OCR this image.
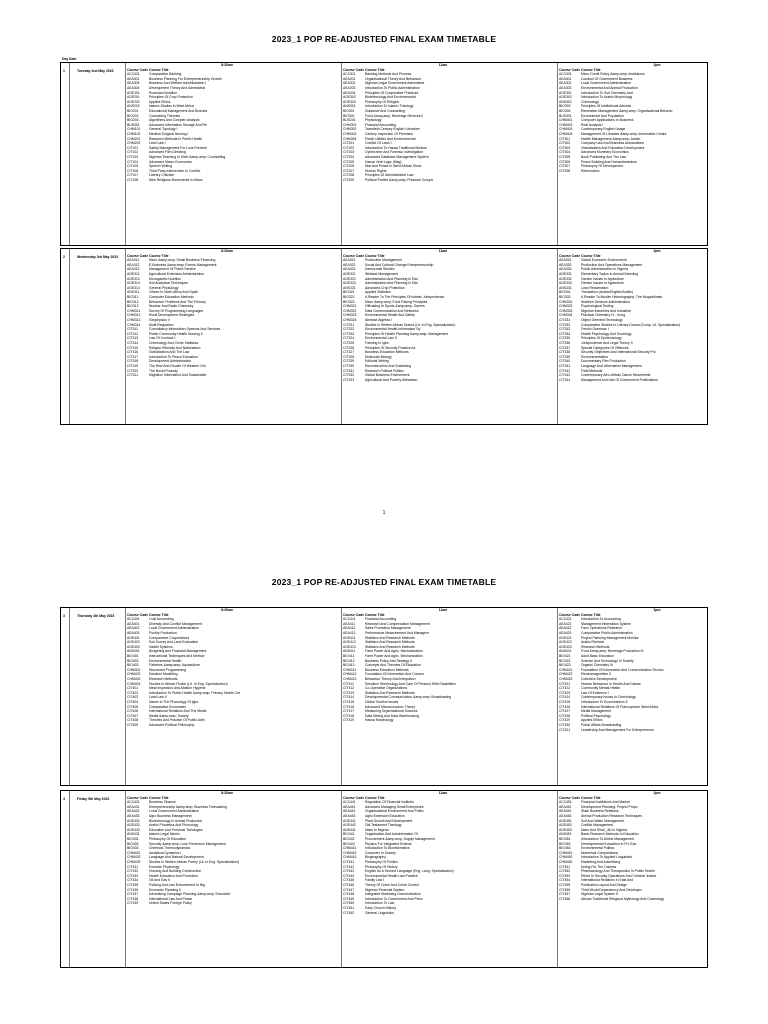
2023_1 POP RE-ADJUSTED FINAL EXAM TIMETABLE
1
Day Date
1	Tuesday 2nd May 2023
8:30am
Course CodeCourse Title
ACC421	Comparative Banking
AEA301	Business Planning For Entrepreneurship Growth
AEA303	Business And Welfare Administration I
AEA304	Development Theory And Administrat
AGE101	Ruminant Nutrition
AGE201	Principles Of Crop Protection
AGE202	Applied Ethics
ANS202	Islamic Studies In West Africa
BIO201	Educational Management And Busines
BIO202	Counseling Theories
BIO203	Algorithms And Complex Analysis
BUS301	Advanced Information Storage And Re
CHM101	General Topology I
CHM102	Medical Surgical Nursing I
CHM201	Research Methods In Public Health
CHM202	Land Law I
CIT101	Safety Management For Loss Preventi
CIT102	Advanced Film Directing
CIT103	Nigerian Teaching In Sixth &amp;amp; Counselling
CIT104	Advanced Macro Economics
CIT105	Speech Writing
CIT106	Third Party Intervention In Conflict
CIT107	Literary Criticism
CIT108	New Religious Movements In Africa
11am
Course CodeCourse Title
ACC311	Banking Methods And Process
AEA201	Organisational Theory And Behaviour
AEA202	Nigerian Legal Government Administrat
AEA203	Introduction To Public Administration
AEA204	Principles Of Cooperative Practices
AGE302	Biotechnology And Environmental
AGE303	Philosophy Of Religion
ANS301	Introduction To Islamic Theology
BIO301	Guidance And Counselling
BIO302	Food &amp;amp; Beverage Services II
BUS201	Physiology
CHM301	Financial Accounting
CHM302	Twentieth Century English Literature
CHM303	Century Inspection Of Premises
CHM304	Public Utilities And Environmental
CIT201	Conflict Of Laws I
CIT202	Introduction To Hausa Traditional Modern
CIT203	Cybercrime And Forensic Investigation
CIT204	Advanced Database Management System
CIT205	Hausa Verb Logic (Mag)
CIT206	War And Peace In West African Since
CIT207	Human Rights
CIT208	Principles Of Administrative Law
CIT209	Political Parties &amp;amp; Pressure Groups
2pm
Course CodeCourse Title
ACC301	Micro Credit Policy &amp;amp; Institutions
AEA301	Conduct Of Government Business
AEA302	Local Government Administration
AEA303	Environmental And Animal Production
AGE301	Introduction To Soil Chemistry And
AGE302	Introduction To Arabic Morphology
ANS302	Criminology
BIO303	Principles Of Institutional Adminis
BIO304	Recreation Management &amp;amp; Organisational Behavio
BUS301	Environment And Population
CHM401	Computer Applications In Business
CHM402	Real Analysis I
CHM403	Contemporary English Usage
CHM404	Management Of Libraries &amp;amp; Information Centre
CIT301	Health Management &amp;amp; Admin
CIT302	Company Law And Business Associations
CIT303	Globalization And Education Development
CIT304	Advanced Monetary Economics
CIT305	Book Publishing And The Law
CIT306	Peace Building And Humanitarianism
CIT307	Philosophy Of Development
CIT308	Reformation
2	Wednesday 3rd May 2023
8:30am
Course CodeCourse Title
AEA311	Micro &amp;amp; Small Business Financing
AEA312	E-Business &amp;amp; Events Management
AEA313	Management Of Public Service
AGE311	Agricultural Extension Administration
AGE312	Monogastric Nutrition
AGE313	Soil Analytical Techniques
AGE314	General Physiology
ANS311	Citizen In North Africa And Spain
BIO311	Computer Education Methods
BIO312	Behaviour Problems And The Primary
BIO313	Nuclear And Radio Chemistry
CHM311	Survey Of Programming Languages
CHM312	Rural Development Strategies
CHM313	Geophysics II
CHM314	Multi-Regulation
CIT311	Consultancy Information Systems And Services
CIT312	Public Community Health Nursing II
CIT313	Law Of Contract I
CIT314	Criminology And Crime Statistics
CIT315	Religion Ethnicity And Nationalism
CIT316	Globalization And The Law
CIT317	Introduction To Peace Education
CIT318	Development Administration
CIT319	The Rise And Growth Of Western Civi
CIT320	The Novel Prosody
CIT321	Migration Information And Sustainable
11am
Course CodeCourse Title
AEA321	Production Management
AEA322	Social And Cultural Change Entrepreneurship
AEA323	Democratic Studies
AGE321	Wetland Management
AGE322	Administration And Planning In Edu
AGE323	Administration And Planning In Edu
ANS321	Advanced Crop Protection
BIO321	Applied Statistics
BIO322	A Reader To The Principles Of Islamic Jurisprudence
BIO323	Micro &amp;amp; Food Pairing Principles
CHM321	Officiating In Sports &amp;amp; Games
CHM322	Data Communication And Networks
CHM323	Environmental Health And Safety
CHM324	Abstract Algebra I
CIT321	Studies In Written African Drama (Lit. In Eng. Specialization)
CIT322	Environmental Health Information Sy
CIT323	Principles Of Health Planning &amp;amp; Management
CIT324	Environmental Law II
CIT325	Farming In Igbo
CIT326	Principles Of Security Practice As
CIT327	Business Education Methods
CIT328	Molecular Biology
CIT329	Editorial Writing
CIT330	Reconstruction And Sustaining
CIT331	Research Political Politics
CIT332	Global Business Environment
CIT333	Agricultural And Poverty Alleviation
2pm
Course CodeCourse Title
AEA331	Global Economic Environment
AEA332	Production And Operations Management
AEA333	Public Administration In Nigeria
AGE331	Elementary Topics In Animal Breeding
AGE332	Gender Issues In Agriculture
AGE333	Gender Issues In Agriculture
ANS331	Land Reclamation
BIO331	Translation (Arabic/English/Arabic)
BIO332	A Reader To Muslim Historiography: The Muqaddimah
CHM331	Nutrition Services Administration
CHM332	Psychological Testing
CHM333	Nigerian Industries And Industrial
CHM334	Practical Chemistry IV - Inorg
CIT331	Object Oriented Technology
CIT332	Comparative Studies In Literary Drama (Comp. Lit. Specialization)
CIT333	French Grammar I
CIT334	Health Psychology And Sociology
CIT335	Principles Of Epidemiology
CIT336	Jurisprudence And Legal Theory II
CIT337	Special Categories Of Offences
CIT338	Security Objectives And International Security Pro
CIT339	Environmentalism
CIT340	Documentary Film Production
CIT341	Language And Information Management
CIT342	Field Methods
CIT343	Contemporary Afro-African Dance Movements
CIT344	Management And Use Of Government Publications
2023_1 POP RE-ADJUSTED FINAL EXAM TIMETABLE
3	Thursday 4th May 2023
8:30am
Course CodeCourse Title
ACC401	Cost Accounting
AEA401	Diversity And Conflict Management
AEA402	Local Government Administration
AEA403	Poultry Production
AGE401	Comparative Cooperatives
AGE402	Soil Survey And Land Evaluation
AGE403	Hadith Systems
ANS401	Budgeting And Financial Management
BIO401	Instructional Techniques And Method
BIO402	Environmental Health
BIO403	Fisheries &amp;amp; Aquaculture
CHM401	Structured Programming
CHM402	Decision Modelling
CHM403	Research Methods
CHM404	Studies In African Fiction (Lit. In Eng. Specialization)
CIT401	Meat Inspection And Abattoir Hygiene
CIT402	Introduction To Public Health &amp;amp; Primary Health Car
CIT403	Land Law II
CIT404	Issues In The Phonology Of Igbo
CIT405	Comparative Economies
CIT406	International Relations And The Media
CIT407	Media &amp;amp; Society
CIT408	Theories And Practice Of Public Adm
CIT409	Advanced Political Philosophy
11am
Course CodeCourse Title
ACC411	Financial Accounting
AEA411	Research And Compensation Management
AEA412	Sales Promotion Management
AEA413	Performance Measurement And Managem
AGE411	Statistics And Research Methods
AGE412	Statistics And Research Methods
AGE413	Statistics And Research Methods
ANS411	Farm Power And Agric. Mechanization
BIO411	Farm Power And Agric. Mechanization
BIO412	Business Policy And Strategy II
BIO413	Concepts And Theories Of Education
CHM411	Business Education Methods
CHM412	Foundation Of Information And Commu
CHM413	Behaviour Theory And Integration
CIT411	Sensitive Terminology And Care Of Persons With Disabilities
CIT412	Co-Operative Organizations
CIT413	Statistics And Research Methods
CIT414	Developmental Communication &amp;amp; Broadcasting
CIT415	Global Tourism Issues
CIT416	Advanced Microeconomic Theory
CIT417	Measuring Organisational Success
CIT418	Data Mining And Data Warehousing
CIT419	Hausa Morphology
2pm
Course CodeCourse Title
ACC421	Introduction To Accounting
AEA421	Management Information System
AEA422	Farm Operations Research
AEA423	Comparative Public Administration
AGE421	Project Planning Management Monitor
AGE422	Arabic Rhetoric
AGE423	Research Methods
ANS421	Food &amp;amp; Beverage Production III
BIO421	Adult Basic Education
BIO422	Science And Technology In Society
BIO423	Organic Chemistry III
CHM421	Foundation Of Information And Communication Techno
CHM422	Electromagnetism II
CHM423	Collective Development
CIT421	Human Behaviour In Health And Diseas
CIT422	Community Mental Health
CIT423	Law Of Evidence I
CIT424	Contemporary Issues In Criminology
CIT425	Introduction To Econometrics II
CIT426	International Relations Of Francophone West Africa
CIT427	Media Management
CIT428	Political Psychology
CIT429	Applied Ethics
CIT430	Public Affairs Broadcasting
CIT431	Leadership And Management For Entrepreneurs
4	Friday 5th May 2023
8:30am
Course CodeCourse Title
ACC431	Business Finance
AEA431	Entrepreneurship &amp;amp; Business Forecasting
AEA432	Local Government Administration
AEA433	Agro Business Management
AGE431	Biotechnology In Animal Production
AGE432	Arabic Phonetics And Phonology
AGE433	Education And Personal Theologies
ANS431	Islamic Legal Maxim
BIO431	Philosophy Of Education
BIO432	Security &amp;amp; Loss Prevention Management
BIO433	Chemical Thermodynamics
CHM431	Analytical Dynamics I
CHM432	Language And Natural Development
CHM433	Studies In Written African Poetry (Lit. In Eng. Specialization)
CIT431	Exercise Physiology
CIT432	Housing And Building Construction
CIT433	Health Education And Promotion
CIT434	Oil And Gas II
CIT435	Policing And Law Enforcement In Nig
CIT436	Economic Planning II
CIT437	Advertising Campaign Planning &amp;amp; Execution
CIT438	International Law And Peace
CIT439	United States Foreign Policy
11am
Course CodeCourse Title
ACC441	Regulation Of Financial Institutio
AEA441	Advanced Managing Small Enterprises
AEA442	Organisational Environment And Politic
AEA443	Agric Extension Education
AGE441	Plant Growth And Development
AGE442	Old Testament Theology
ANS441	Islam In Nigeria
BIO441	Organisation And Administration Of
BIO442	Procurement &amp;amp; Supply Management
BIO443	Physics For Integrated Science
CHM441	Introduction To Bioinformatics
CHM442	Computer In Society
CHM443	Biogeography
CIT441	Philosophy Of Politics
CIT442	Philosophy Of History
CIT443	English As A Second Language (Eng. Lang. Specialization)
CIT444	Environmental Health Law Practice
CIT445	Family Law I
CIT446	Theory Of Crime And Crime Control
CIT447	Nigerian Financial System
CIT448	Integrated Marketing Communication
CIT449	Introduction To Government And Petro
CIT450	Introduction To Law
CIT451	Early Church History
CIT452	General Linguistics
2pm
Course CodeCourse Title
ACC451	Financial Institutions And Market
AEA451	Development Planning: Project Propo
AEA452	State Business Relations
AEA453	Animal Production Research Techniques
AGE451	Soil And Water Management
AGE452	Conflict Management
AGE453	Islam And Shari_'Ah In Nigeria
ANS451	Basic Research Methods In Education
BIO451	Introduction To Airline Management
BIO452	Developmental Education In Pri. Edu
BIO453	Environmental Politics
CHM451	Numerical Computations
CHM452	Introduction To Applied Linguistics
CHM453	Marketing And Advertising
CIT451	Acting For The Camera
CIT452	Pharmacology And Therapeutics In Public Health
CIT453	Ethics In Security Operations And Criminal Justice
CIT454	International Relations In East And
CIT455	Publication Layout And Design
CIT456	Third World Dependency And Developm
CIT457	Nigerian Legal System II
CIT458	African Traditional Religious Mythology And Cosmology
